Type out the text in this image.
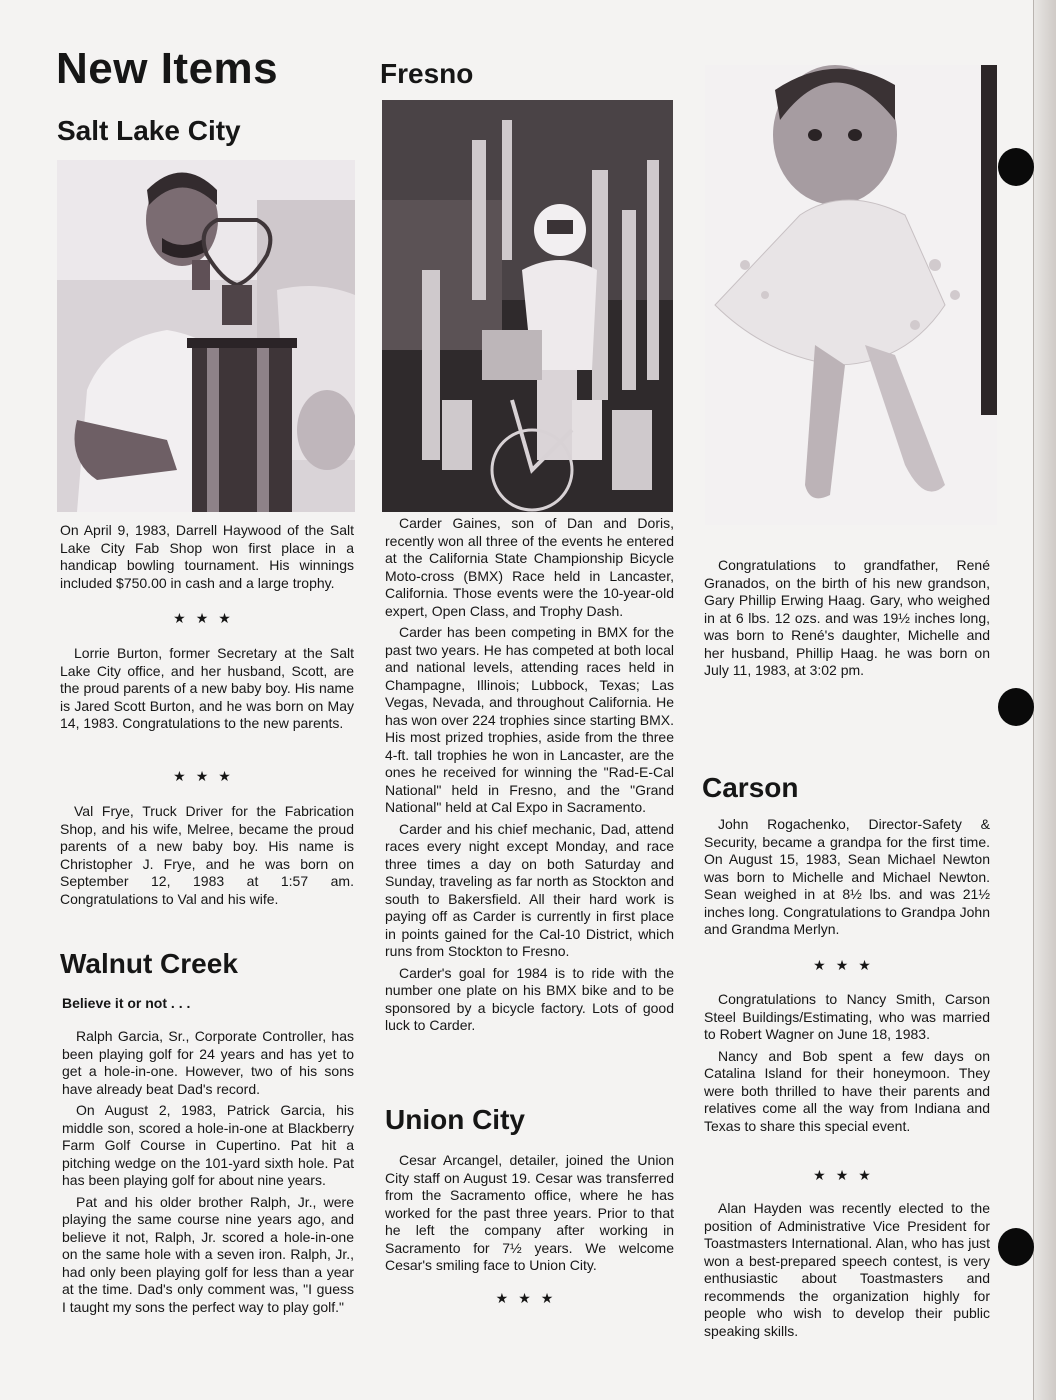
New Items
Salt Lake City

On April 9, 1983, Darrell Haywood of the Salt Lake City Fab Shop won first place in a handicap bowling tournament. His winnings included $750.00 in cash and a large trophy.

★★★

Lorrie Burton, former Secretary at the Salt Lake City office, and her husband, Scott, are the proud parents of a new baby boy. His name is Jared Scott Burton, and he was born on May 14, 1983. Congratulations to the new parents.

★★★

Val Frye, Truck Driver for the Fabrication Shop, and his wife, Melree, became the proud parents of a new baby boy. His name is Christopher J. Frye, and he was born on September 12, 1983 at 1:57 am. Congratulations to Val and his wife.

Walnut Creek
Believe it or not . . .

Ralph Garcia, Sr., Corporate Controller, has been playing golf for 24 years and has yet to get a hole-in-one. However, two of his sons have already beat Dad's record.

On August 2, 1983, Patrick Garcia, his middle son, scored a hole-in-one at Blackberry Farm Golf Course in Cupertino. Pat hit a pitching wedge on the 101-yard sixth hole. Pat has been playing golf for about nine years.

Pat and his older brother Ralph, Jr., were playing the same course nine years ago, and believe it not, Ralph, Jr. scored a hole-in-one on the same hole with a seven iron. Ralph, Jr., had only been playing golf for less than a year at the time. Dad's only comment was, "I guess I taught my sons the perfect way to play golf."

Fresno

Carder Gaines, son of Dan and Doris, recently won all three of the events he entered at the California State Championship Bicycle Moto-cross (BMX) Race held in Lancaster, California. Those events were the 10-year-old expert, Open Class, and Trophy Dash.

Carder has been competing in BMX for the past two years. He has competed at both local and national levels, attending races held in Champagne, Illinois; Lubbock, Texas; Las Vegas, Nevada, and throughout California. He has won over 224 trophies since starting BMX. His most prized trophies, aside from the three 4-ft. tall trophies he won in Lancaster, are the ones he received for winning the "Rad-E-Cal National" held in Fresno, and the "Grand National" held at Cal Expo in Sacramento.

Carder and his chief mechanic, Dad, attend races every night except Monday, and race three times a day on both Saturday and Sunday, traveling as far north as Stockton and south to Bakersfield. All their hard work is paying off as Carder is currently in first place in points gained for the Cal-10 District, which runs from Stockton to Fresno.

Carder's goal for 1984 is to ride with the number one plate on his BMX bike and to be sponsored by a bicycle factory. Lots of good luck to Carder.

Union City

Cesar Arcangel, detailer, joined the Union City staff on August 19. Cesar was transferred from the Sacramento office, where he has worked for the past three years. Prior to that he left the company after working in Sacramento for 7½ years. We welcome Cesar's smiling face to Union City.

★★★

Congratulations to grandfather, René Granados, on the birth of his new grandson, Gary Phillip Erwing Haag. Gary, who weighed in at 6 lbs. 12 ozs. and was 19½ inches long, was born to René's daughter, Michelle and her husband, Phillip Haag. he was born on July 11, 1983, at 3:02 pm.

Carson

John Rogachenko, Director-Safety & Security, became a grandpa for the first time. On August 15, 1983, Sean Michael Newton was born to Michelle and Michael Newton. Sean weighed in at 8½ lbs. and was 21½ inches long. Congratulations to Grandpa John and Grandma Merlyn.

★★★

Congratulations to Nancy Smith, Carson Steel Buildings/Estimating, who was married to Robert Wagner on June 18, 1983.

Nancy and Bob spent a few days on Catalina Island for their honeymoon. They were both thrilled to have their parents and relatives come all the way from Indiana and Texas to share this special event.

★★★

Alan Hayden was recently elected to the position of Administrative Vice President for Toastmasters International. Alan, who has just won a best-prepared speech contest, is very enthusiastic about Toastmasters and recommends the organization highly for people who wish to develop their public speaking skills.
